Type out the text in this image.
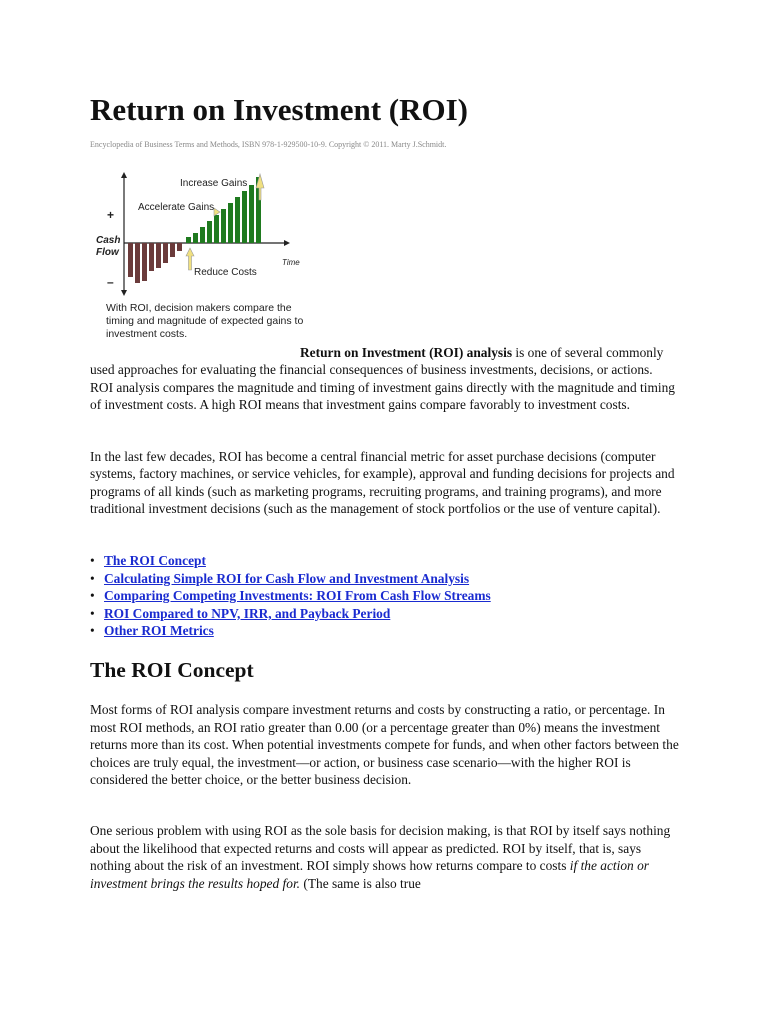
Return on Investment (ROI)
Encyclopedia of Business Terms and Methods, ISBN 978-1-929500-10-9. Copyright © 2011. Marty J.Schmidt.
Increase Gains
Accelerate Gains
+
Cash
Flow
–
Reduce Costs
Time
With ROI, decision makers compare the timing and magnitude of expected gains to investment costs.

Return on Investment (ROI) analysis is one of several commonly used approaches for evaluating the financial consequences of business investments, decisions, or actions. ROI analysis compares the magnitude and timing of investment gains directly with the magnitude and timing of investment costs. A high ROI means that investment gains compare favorably to investment costs.

In the last few decades, ROI has become a central financial metric for asset purchase decisions (computer systems, factory machines, or service vehicles, for example), approval and funding decisions for projects and programs of all kinds (such as marketing programs, recruiting programs, and training programs), and more traditional investment decisions (such as the management of stock portfolios or the use of venture capital).

• The ROI Concept
• Calculating Simple ROI for Cash Flow and Investment Analysis
• Comparing Competing Investments: ROI From Cash Flow Streams
• ROI Compared to NPV, IRR, and Payback Period
• Other ROI Metrics
The ROI Concept

Most forms of ROI analysis compare investment returns and costs by constructing a ratio, or percentage. In most ROI methods, an ROI ratio greater than 0.00 (or a percentage greater than 0%) means the investment returns more than its cost. When potential investments compete for funds, and when other factors between the choices are truly equal, the investment—or action, or business case scenario—with the higher ROI is considered the better choice, or the better business decision.

One serious problem with using ROI as the sole basis for decision making, is that ROI by itself says nothing about the likelihood that expected returns and costs will appear as predicted. ROI by itself, that is, says nothing about the risk of an investment. ROI simply shows how returns compare to costs if the action or investment brings the results hoped for. (The same is also true
